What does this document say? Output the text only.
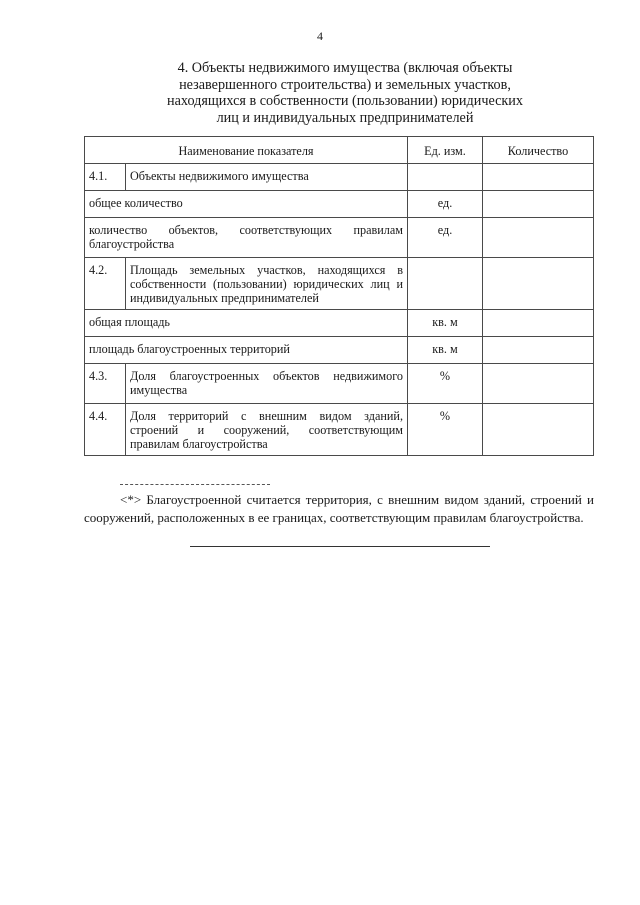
4
4. Объекты недвижимого имущества (включая объекты
незавершенного строительства) и земельных участков,
находящихся в собственности (пользовании) юридических
лиц и индивидуальных предпринимателей
Наименование показателя		Ед. изм.	Количество
4.1.	Объекты недвижимого имущества		
общее количество		ед.	
количество объектов, соответствующих правилам благоустройства		ед.	
4.2.	Площадь земельных участков, находящихся в собственности (пользовании) юридических лиц и индивидуальных предпринимателей		
общая площадь		кв. м	
площадь благоустроенных территорий		кв. м	
4.3.	Доля благоустроенных объектов недвижимого имущества	%	
4.4.	Доля территорий с внешним видом зданий, строений и сооружений, соответствующим правилам благоустройства	%	
<*> Благоустроенной считается территория, с внешним видом зданий, строений и сооружений, расположенных в ее границах, соответствующим правилам благоустройства.
